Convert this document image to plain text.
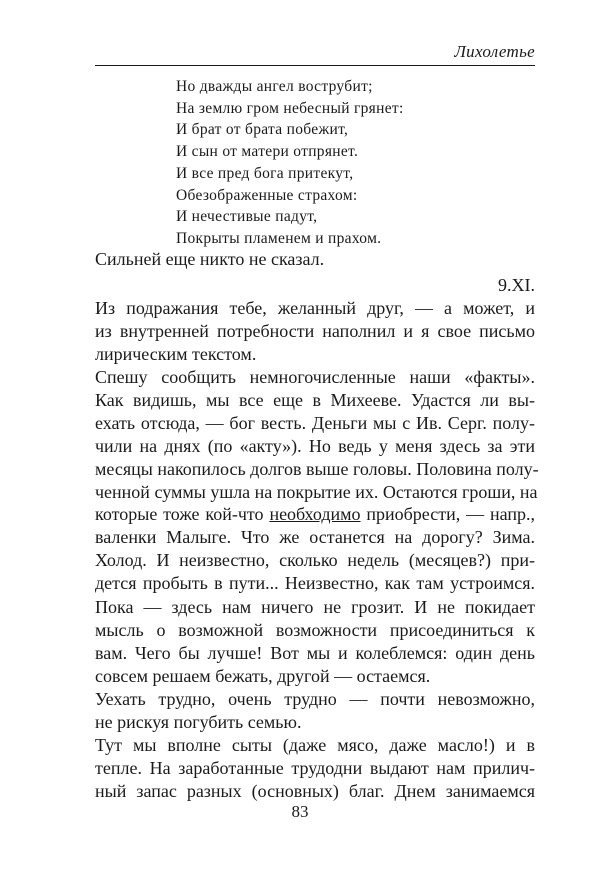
Лихолетье
Но дважды ангел вострубит;
На землю гром небесный грянет:
И брат от брата побежит,
И сын от матери отпрянет.
И все пред бога притекут,
Обезображенные страхом:
И нечестивые падут,
Покрыты пламенем и прахом.
Сильней еще никто не сказал.
9.XI.
Из подражания тебе, желанный друг, — а может, и
из внутренней потребности наполнил и я свое письмо
лирическим текстом.
Спешу сообщить немногочисленные наши «факты».
Как видишь, мы все еще в Михееве. Удастся ли вы-
ехать отсюда, — бог весть. Деньги мы с Ив. Серг. полу-
чили на днях (по «акту»). Но ведь у меня здесь за эти
месяцы накопилось долгов выше головы. Половина полу-
ченной суммы ушла на покрытие их. Остаются гроши, на
которые тоже кой-что необходимо приобрести, — напр.,
валенки Малыге. Что же останется на дорогу? Зима.
Холод. И неизвестно, сколько недель (месяцев?) при-
дется пробыть в пути... Неизвестно, как там устроимся.
Пока — здесь нам ничего не грозит. И не покидает
мысль о возможной возможности присоединиться к
вам. Чего бы лучше! Вот мы и колеблемся: один день
совсем решаем бежать, другой — остаемся.
Уехать трудно, очень трудно — почти невозможно,
не рискуя погубить семью.
Тут мы вполне сыты (даже мясо, даже масло!) и в
тепле. На заработанные трудодни выдают нам прилич-
ный запас разных (основных) благ. Днем занимаемся
83
